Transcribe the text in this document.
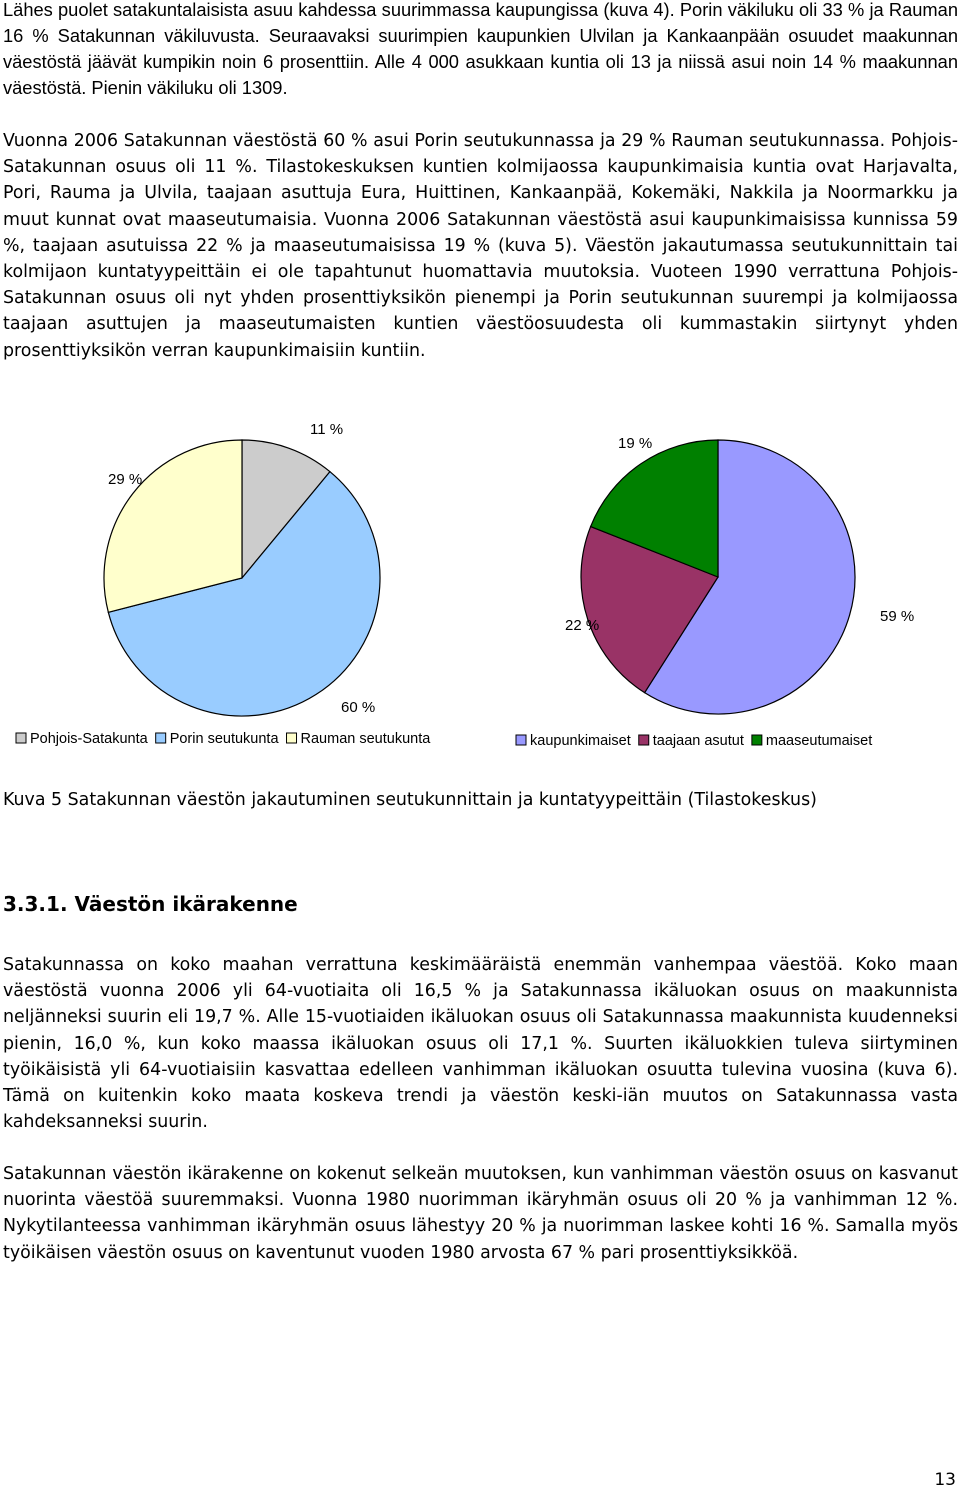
Lähes puolet satakuntalaisista asuu kahdessa suurimmassa kaupungissa (kuva 4). Porin väkiluku oli 33 % ja Rauman 16 % Satakunnan väkiluvusta. Seuraavaksi suurimpien kaupunkien Ulvilan ja Kankaanpään osuudet maakunnan väestöstä jäävät kumpikin noin 6 prosenttiin. Alle 4 000 asukkaan kuntia oli 13 ja niissä asui noin 14 % maakunnan väestöstä. Pienin väkiluku oli 1309.

Vuonna 2006 Satakunnan väestöstä 60 % asui Porin seutukunnassa ja 29 % Rauman seutukunnassa. Pohjois-Satakunnan osuus oli 11 %. Tilastokeskuksen kuntien kolmijaossa kaupunkimaisia kuntia ovat Harjavalta, Pori, Rauma ja Ulvila, taajaan asuttuja Eura, Huittinen, Kankaanpää, Kokemäki, Nakkila ja Noormarkku ja muut kunnat ovat maaseutumaisia. Vuonna 2006 Satakunnan väestöstä asui kaupunkimaisissa kunnissa 59 %, taajaan asutuissa 22 % ja maaseutumaisissa 19 % (kuva 5). Väestön jakautumassa seutukunnittain tai kolmijaon kuntatyypeittäin ei ole tapahtunut huomattavia muutoksia. Vuoteen 1990 verrattuna Pohjois-Satakunnan osuus oli nyt yhden prosenttiyksikön pienempi ja Porin seutukunnan suurempi ja kolmijaossa taajaan asuttujen ja maaseutumaisten kuntien väestöosuudesta oli kummastakin siirtynyt yhden prosenttiyksikön verran kaupunkimaisiin kuntiin.

11 %
60 %
29 %
Pohjois-Satakunta Porin seutukunta Rauman seutukunta
59 %
22 %
19 %
kaupunkimaiset taajaan asutut maaseutumaiset

Kuva 5 Satakunnan väestön jakautuminen seutukunnittain ja kuntatyypeittäin (Tilastokeskus)

3.3.1. Väestön ikärakenne

Satakunnassa on koko maahan verrattuna keskimääräistä enemmän vanhempaa väestöä. Koko maan väestöstä vuonna 2006 yli 64-vuotiaita oli 16,5 % ja Satakunnassa ikäluokan osuus on maakunnista neljänneksi suurin eli 19,7 %. Alle 15-vuotiaiden ikäluokan osuus oli Satakunnassa maakunnista kuudenneksi pienin, 16,0 %, kun koko maassa ikäluokan osuus oli 17,1 %. Suurten ikäluokkien tuleva siirtyminen työikäisistä yli 64-vuotiaisiin kasvattaa edelleen vanhimman ikäluokan osuutta tulevina vuosina (kuva 6). Tämä on kuitenkin koko maata koskeva trendi ja väestön keski-iän muutos on Satakunnassa vasta kahdeksanneksi suurin.

Satakunnan väestön ikärakenne on kokenut selkeän muutoksen, kun vanhimman väestön osuus on kasvanut nuorinta väestöä suuremmaksi. Vuonna 1980 nuorimman ikäryhmän osuus oli 20 % ja vanhimman 12 %. Nykytilanteessa vanhimman ikäryhmän osuus lähestyy 20 % ja nuorimman laskee kohti 16 %. Samalla myös työikäisen väestön osuus on kaventunut vuoden 1980 arvosta 67 % pari prosenttiyksikköä.

13
